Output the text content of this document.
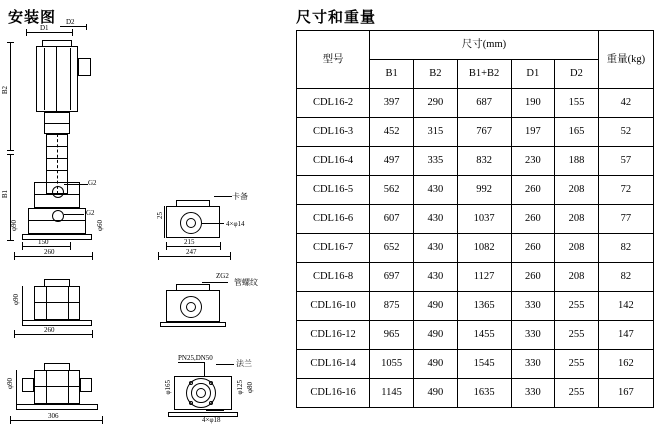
安装图	尺寸和重量
D1
D2
B2
B1
G2
G2
φ90	φ60
150
260
卡备
4×φ14
25
215
247
φ90
260
ZG2
管螺纹
φ90
306
PN25,DN50
法兰
φ165	φ125 φ80
4×φ18
型号	尺寸(mm)					重量(kg)
	B1	B2	B1+B2	D1	D2	
CDL16-2	397	290	687	190	155	42
CDL16-3	452	315	767	197	165	52
CDL16-4	497	335	832	230	188	57
CDL16-5	562	430	992	260	208	72
CDL16-6	607	430	1037	260	208	77
CDL16-7	652	430	1082	260	208	82
CDL16-8	697	430	1127	260	208	82
CDL16-10	875	490	1365	330	255	142
CDL16-12	965	490	1455	330	255	147
CDL16-14	1055	490	1545	330	255	162
CDL16-16	1145	490	1635	330	255	167
